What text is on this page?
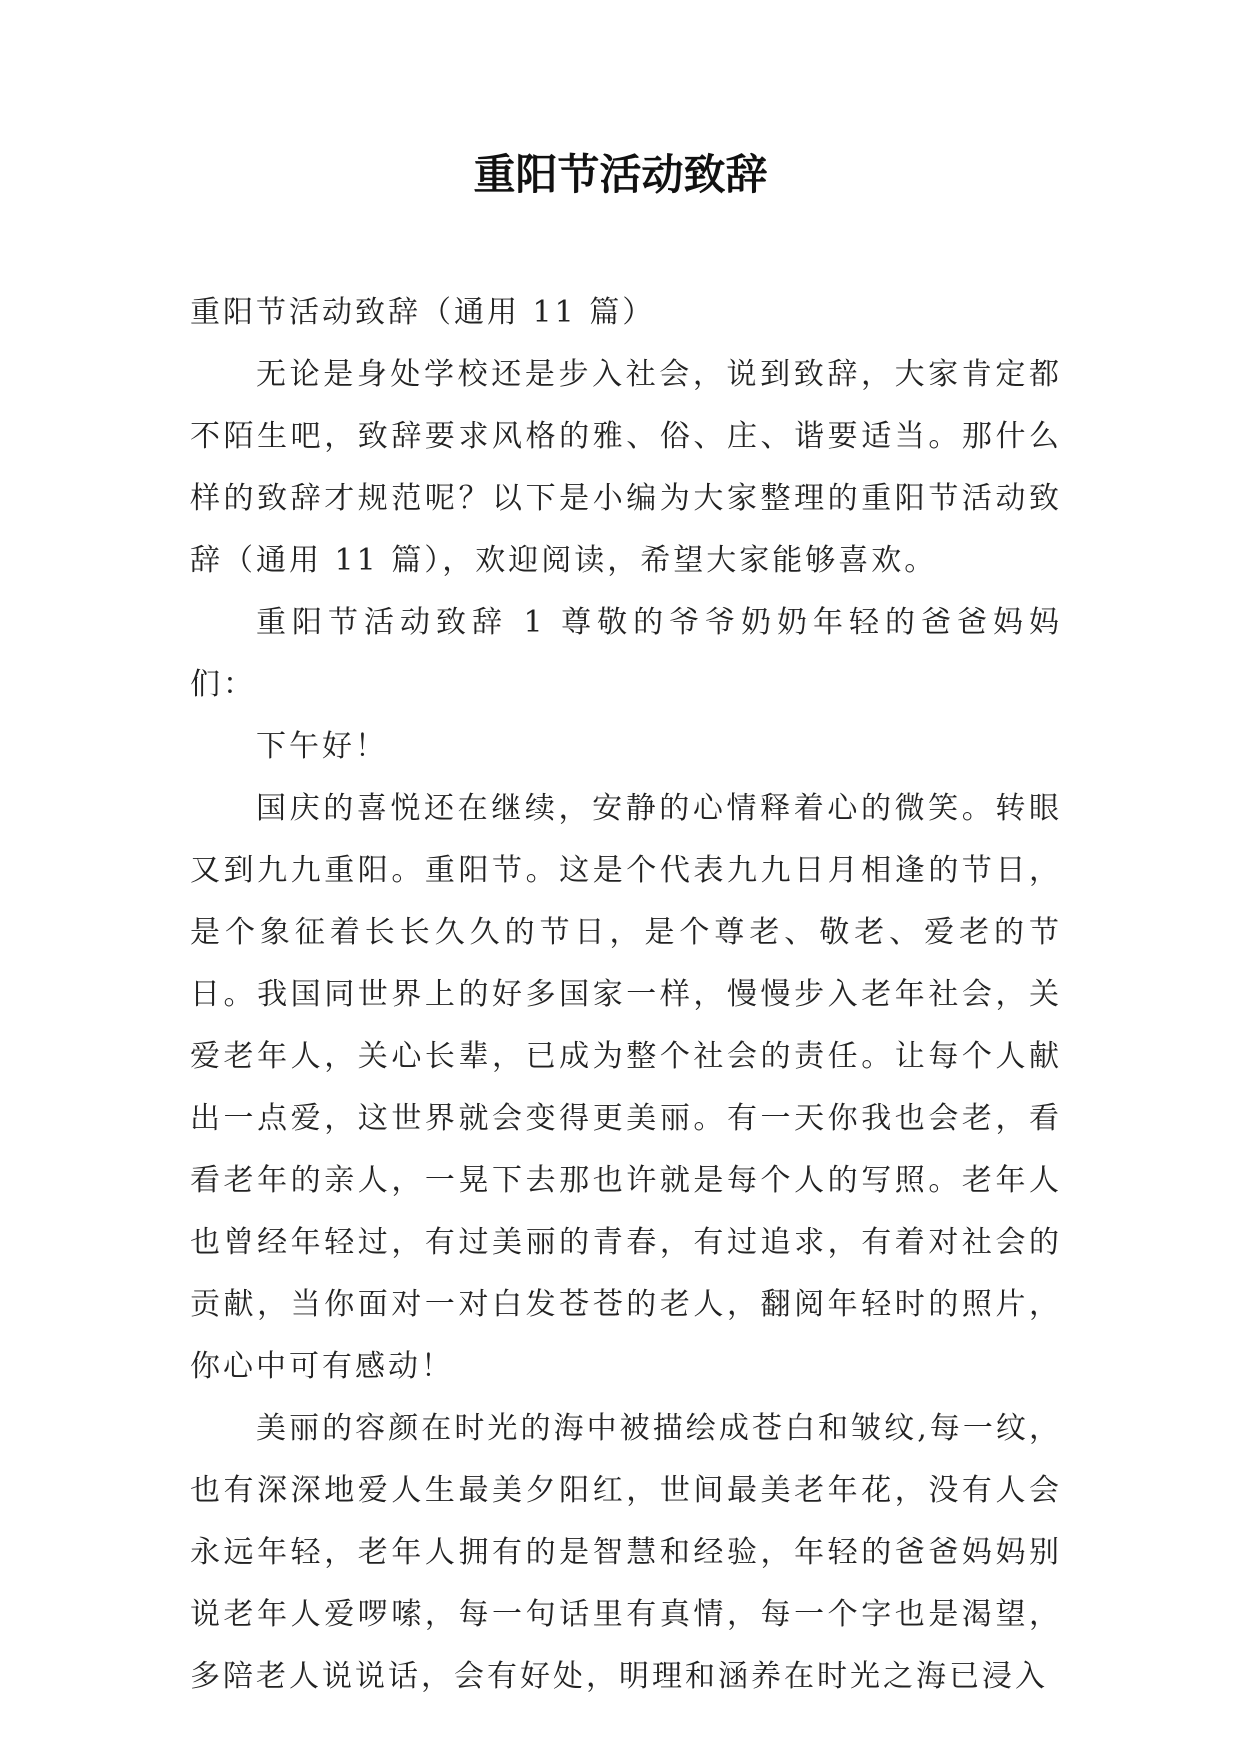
重阳节活动致辞

重阳节活动致辞（通用 11 篇）

无论是身处学校还是步入社会，说到致辞，大家肯定都不陌生吧，致辞要求风格的雅、俗、庄、谐要适当。那什么样的致辞才规范呢？以下是小编为大家整理的重阳节活动致辞（通用 11 篇），欢迎阅读，希望大家能够喜欢。

重阳节活动致辞 1 尊敬的爷爷奶奶年轻的爸爸妈妈们：

下午好！

国庆的喜悦还在继续，安静的心情释着心的微笑。转眼又到九九重阳。重阳节。这是个代表九九日月相逢的节日，是个象征着长长久久的节日，是个尊老、敬老、爱老的节日。我国同世界上的好多国家一样，慢慢步入老年社会，关爱老年人，关心长辈，已成为整个社会的责任。让每个人献出一点爱，这世界就会变得更美丽。有一天你我也会老，看看老年的亲人，一晃下去那也许就是每个人的写照。老年人也曾经年轻过，有过美丽的青春，有过追求，有着对社会的贡献，当你面对一对白发苍苍的老人，翻阅年轻时的照片，你心中可有感动！

美丽的容颜在时光的海中被描绘成苍白和皱纹,每一纹，也有深深地爱人生最美夕阳红，世间最美老年花，没有人会永远年轻，老年人拥有的是智慧和经验，年轻的爸爸妈妈别说老年人爱啰嗦，每一句话里有真情，每一个字也是渴望，多陪老人说说话，会有好处，明理和涵养在时光之海已浸入
